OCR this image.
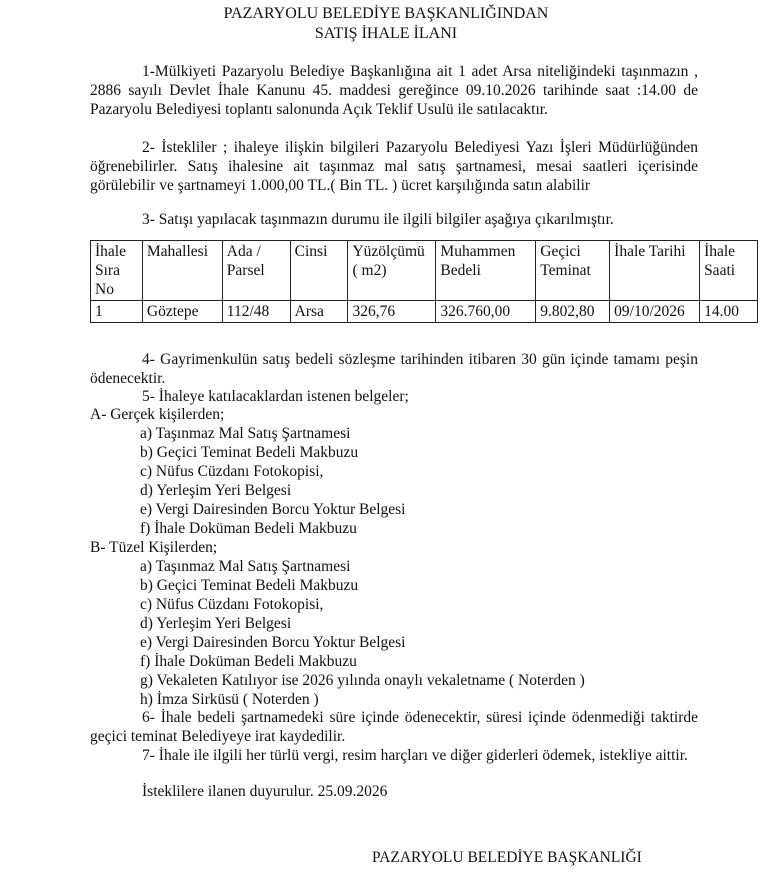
PAZARYOLU BELEDİYE BAŞKANLIĞINDAN
SATIŞ İHALE İLANI
1-Mülkiyeti Pazaryolu Belediye Başkanlığına ait 1 adet Arsa niteliğindeki taşınmazın , 2886 sayılı Devlet İhale Kanunu 45. maddesi gereğince 09.10.2026 tarihinde saat :14.00 de Pazaryolu Belediyesi toplantı salonunda Açık Teklif Usulü ile satılacaktır.
2- İstekliler ; ihaleye ilişkin bilgileri Pazaryolu Belediyesi Yazı İşleri Müdürlüğünden öğrenebilirler. Satış ihalesine ait taşınmaz mal satış şartnamesi, mesai saatleri içerisinde görülebilir ve şartnameyi 1.000,00 TL.( Bin TL. ) ücret karşılığında satın alabilir
3- Satışı yapılacak taşınmazın durumu ile ilgili bilgiler aşağıya çıkarılmıştır.
İhale Sıra No	Mahallesi	Ada / Parsel	Cinsi	Yüzölçümü ( m2)	Muhammen Bedeli	Geçici Teminat	İhale Tarihi	İhale Saati
1	Göztepe	112/48	Arsa	326,76	326.760,00	9.802,80	09/10/2026	14.00
4- Gayrimenkulün satış bedeli sözleşme tarihinden itibaren 30 gün içinde tamamı peşin ödenecektir.
5- İhaleye katılacaklardan istenen belgeler;
A- Gerçek kişilerden;
a) Taşınmaz Mal Satış Şartnamesi
b) Geçici Teminat Bedeli Makbuzu
c) Nüfus Cüzdanı Fotokopisi,
d) Yerleşim Yeri Belgesi
e) Vergi Dairesinden Borcu Yoktur Belgesi
f) İhale Doküman Bedeli Makbuzu
B- Tüzel Kişilerden;
a) Taşınmaz Mal Satış Şartnamesi
b) Geçici Teminat Bedeli Makbuzu
c) Nüfus Cüzdanı Fotokopisi,
d) Yerleşim Yeri Belgesi
e) Vergi Dairesinden Borcu Yoktur Belgesi
f) İhale Doküman Bedeli Makbuzu
g) Vekaleten Katılıyor ise 2026 yılında onaylı vekaletname ( Noterden )
h) İmza Sirküsü ( Noterden )
6- İhale bedeli şartnamedeki süre içinde ödenecektir, süresi içinde ödenmediği taktirde geçici teminat Belediyeye irat kaydedilir.
7- İhale ile ilgili her türlü vergi, resim harçları ve diğer giderleri ödemek, istekliye aittir.
İsteklilere ilanen duyurulur. 25.09.2026
PAZARYOLU BELEDİYE BAŞKANLIĞI
